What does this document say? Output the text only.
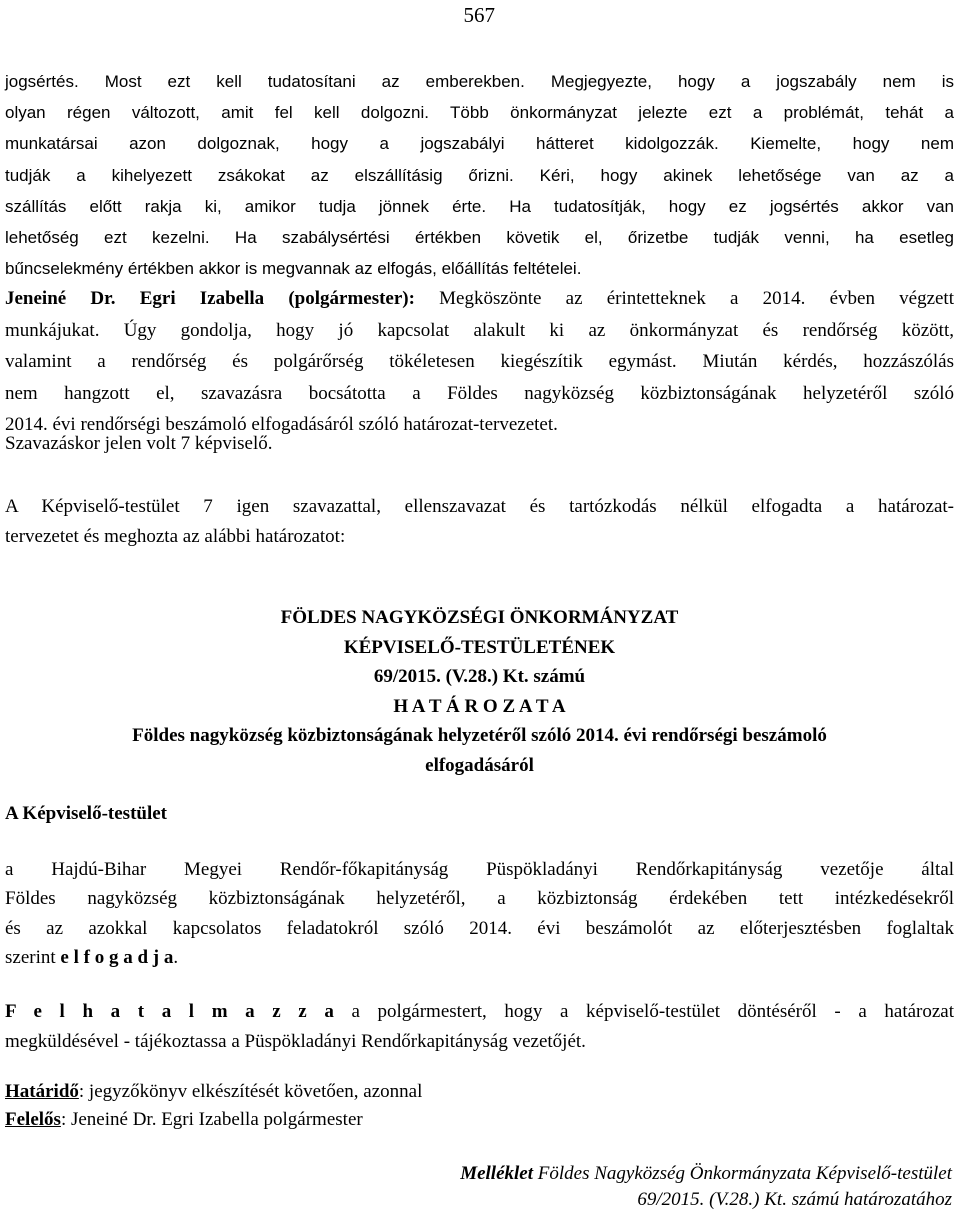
567
jogsértés. Most ezt kell tudatosítani az emberekben. Megjegyezte, hogy a jogszabály nem is
olyan régen változott, amit fel kell dolgozni. Több önkormányzat jelezte ezt a problémát, tehát a
munkatársai azon dolgoznak, hogy a jogszabályi hátteret kidolgozzák. Kiemelte, hogy nem
tudják a kihelyezett zsákokat az elszállításig őrizni. Kéri, hogy akinek lehetősége van az a
szállítás előtt rakja ki, amikor tudja jönnek érte. Ha tudatosítják, hogy ez jogsértés akkor van
lehetőség ezt kezelni. Ha szabálysértési értékben követik el, őrizetbe tudják venni, ha esetleg
bűncselekmény értékben akkor is megvannak az elfogás, előállítás feltételei.
Jeneiné Dr. Egri Izabella (polgármester): Megköszönte az érintetteknek a 2014. évben végzett
munkájukat. Úgy gondolja, hogy jó kapcsolat alakult ki az önkormányzat és rendőrség között,
valamint a rendőrség és polgárőrség tökéletesen kiegészítik egymást. Miután kérdés, hozzászólás
nem hangzott el, szavazásra bocsátotta a Földes nagyközség közbiztonságának helyzetéről szóló
2014. évi rendőrségi beszámoló elfogadásáról szóló határozat-tervezetet.
Szavazáskor jelen volt 7 képviselő.
A Képviselő-testület 7 igen szavazattal, ellenszavazat és tartózkodás nélkül elfogadta a határozat-
tervezetet és meghozta az alábbi határozatot:
FÖLDES NAGYKÖZSÉGI ÖNKORMÁNYZAT
KÉPVISELŐ-TESTÜLETÉNEK
69/2015. (V.28.) Kt. számú
H A T Á R O Z A T A
Földes nagyközség közbiztonságának helyzetéről szóló 2014. évi rendőrségi beszámoló
elfogadásáról
A Képviselő-testület
a Hajdú-Bihar Megyei Rendőr-főkapitányság Püspökladányi Rendőrkapitányság vezetője által
Földes nagyközség közbiztonságának helyzetéről, a közbiztonság érdekében tett intézkedésekről
és az azokkal kapcsolatos feladatokról szóló 2014. évi beszámolót az előterjesztésben foglaltak
szerint e l f o g a d j a.
F e l h a t a l m a z z a a polgármestert, hogy a képviselő-testület döntéséről - a határozat
megküldésével - tájékoztassa a Püspökladányi Rendőrkapitányság vezetőjét.
Határidő: jegyzőkönyv elkészítését követően, azonnal
Felelős: Jeneiné Dr. Egri Izabella polgármester
Melléklet Földes Nagyközség Önkormányzata Képviselő-testület
69/2015. (V.28.) Kt. számú határozatához
